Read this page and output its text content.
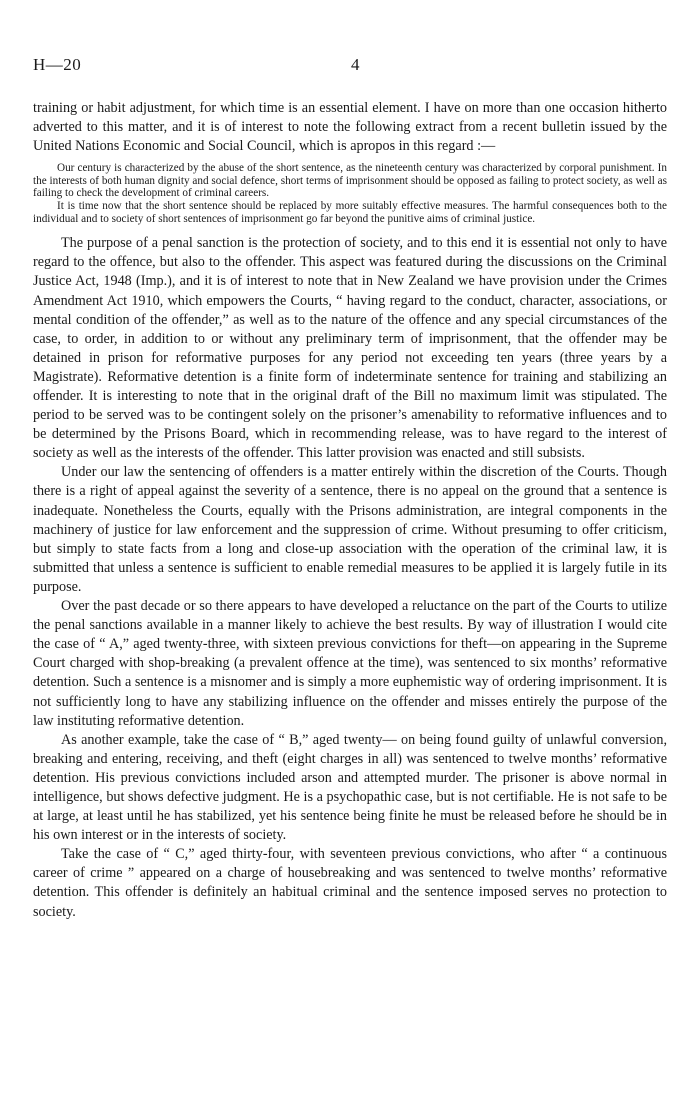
H—20	4

training or habit adjustment, for which time is an essential element. I have on more than one occasion hitherto adverted to this matter, and it is of interest to note the following extract from a recent bulletin issued by the United Nations Economic and Social Council, which is apropos in this regard :—

Our century is characterized by the abuse of the short sentence, as the nineteenth century was characterized by corporal punishment. In the interests of both human dignity and social defence, short terms of imprisonment should be opposed as failing to protect society, as well as failing to check the development of criminal careers.

It is time now that the short sentence should be replaced by more suitably effective measures. The harmful consequences both to the individual and to society of short sentences of imprisonment go far beyond the punitive aims of criminal justice.

The purpose of a penal sanction is the protection of society, and to this end it is essential not only to have regard to the offence, but also to the offender. This aspect was featured during the discussions on the Criminal Justice Act, 1948 (Imp.), and it is of interest to note that in New Zealand we have provision under the Crimes Amendment Act 1910, which empowers the Courts, “ having regard to the conduct, character, associations, or mental condition of the offender,” as well as to the nature of the offence and any special circumstances of the case, to order, in addition to or without any preliminary term of imprisonment, that the offender may be detained in prison for reformative purposes for any period not exceeding ten years (three years by a Magistrate). Reformative detention is a finite form of indeterminate sentence for training and stabilizing an offender. It is interesting to note that in the original draft of the Bill no maximum limit was stipulated. The period to be served was to be contingent solely on the prisoner’s amenability to reformative influences and to be determined by the Prisons Board, which in recommending release, was to have regard to the interest of society as well as the interests of the offender. This latter provision was enacted and still subsists.

Under our law the sentencing of offenders is a matter entirely within the discretion of the Courts. Though there is a right of appeal against the severity of a sentence, there is no appeal on the ground that a sentence is inadequate. Nonetheless the Courts, equally with the Prisons administration, are integral components in the machinery of justice for law enforcement and the suppression of crime. Without presuming to offer criticism, but simply to state facts from a long and close-up association with the operation of the criminal law, it is submitted that unless a sentence is sufficient to enable remedial measures to be applied it is largely futile in its purpose.

Over the past decade or so there appears to have developed a reluctance on the part of the Courts to utilize the penal sanctions available in a manner likely to achieve the best results. By way of illustration I would cite the case of “ A,” aged twenty-three, with sixteen previous convictions for theft—on appearing in the Supreme Court charged with shop-breaking (a prevalent offence at the time), was sentenced to six months’ reformative detention. Such a sentence is a misnomer and is simply a more euphemistic way of ordering imprisonment. It is not sufficiently long to have any stabilizing influence on the offender and misses entirely the purpose of the law instituting reformative detention.

As another example, take the case of “ B,” aged twenty— on being found guilty of unlawful conversion, breaking and entering, receiving, and theft (eight charges in all) was sentenced to twelve months’ reformative detention. His previous convictions included arson and attempted murder. The prisoner is above normal in intelligence, but shows defective judgment. He is a psychopathic case, but is not certifiable. He is not safe to be at large, at least until he has stabilized, yet his sentence being finite he must be released before he should be in his own interest or in the interests of society.

Take the case of “ C,” aged thirty-four, with seventeen previous convictions, who after “ a continuous career of crime ” appeared on a charge of housebreaking and was sentenced to twelve months’ reformative detention. This offender is definitely an habitual criminal and the sentence imposed serves no protection to society.
